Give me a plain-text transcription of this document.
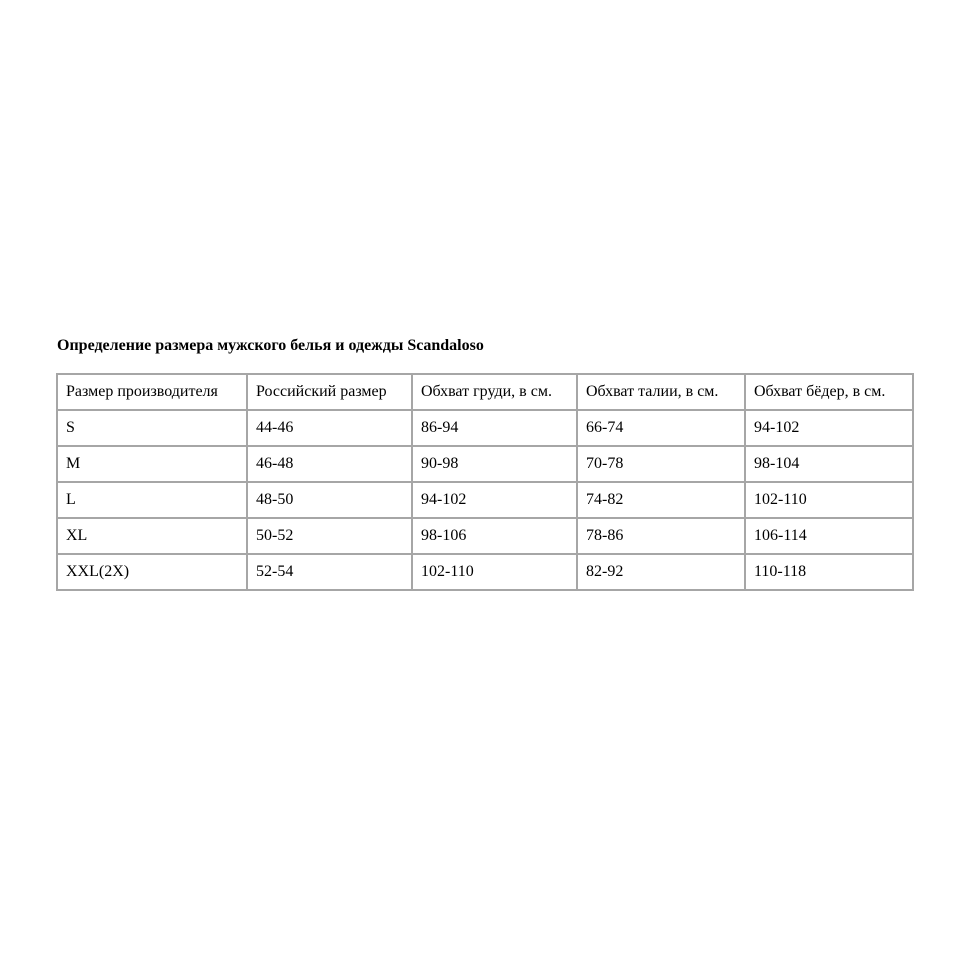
Определение размера мужского белья и одежды Scandaloso
Размер производителя	Российский размер	Обхват груди, в см.	Обхват талии, в см.	Обхват бёдер, в см.
S	44-46	86-94	66-74	94-102
M	46-48	90-98	70-78	98-104
L	48-50	94-102	74-82	102-110
XL	50-52	98-106	78-86	106-114
XXL(2X)	52-54	102-110	82-92	110-118
